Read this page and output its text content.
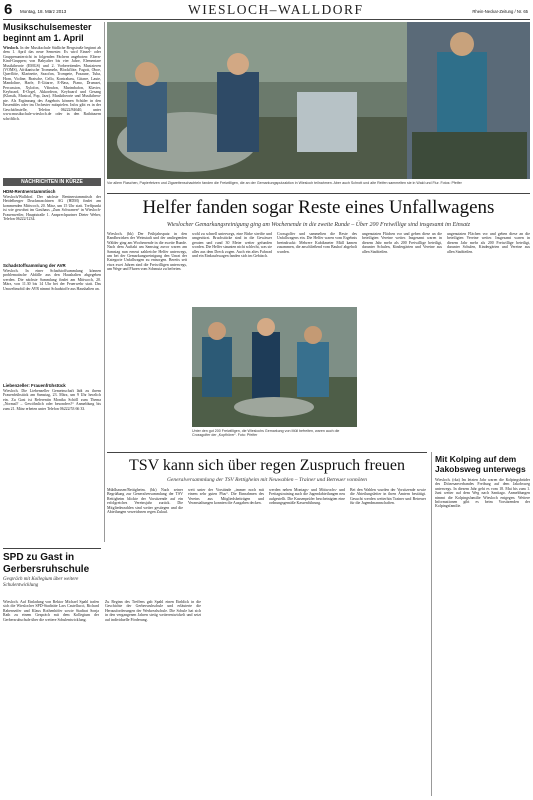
6 Montag, 18. März 2013	WIESLOCH–WALLDORF	Rhein-Neckar-Zeitung / Nr. 65
Musikschulsemester beginnt am 1. April
Wiesloch. In der Musikschule Südliche Bergstraße beginnt ab dem 1. April das neue Semester. Es wird Einzel- oder Gruppenunterricht in folgenden Fächern angeboten: Eltern-Kind-Gruppen; von Babyalter bis vier Jahre, Elementare Musiktheorie (EMGS) und 2. Vorbereitendes Musizieren (VOMS), Afrikanische Trommeln, Blockflöte, Fagott, Oboe, Querflöte, Klarinette, Saxofon, Trompete, Posaune, Tuba, Horn, Violine, Bratsche, Cello, Kontrabass, Gitarre, Laute, Mandoline, Harfe, E-Gitarre, E-Bass, Piano, Drumset, Percussion, Xylofon, Vibrafon, Marimbafon, Klavier, Keyboard, E-Orgel, Akkordeon, Keyboard und Gesang (Klassik, Musical, Pop, Jazz). Musiktheorie und Musiktherapie. Als Ergänzung des Angebots können Schüler in den Ensembles oder im Orchester mitspielen. Infos gibt es in der Geschäftsstelle, Telefon 06222/84640, unter www.musikschule-wiesloch.de oder in den Rathäusern schriftlich.
NACHRICHTEN IN KÜRZE
HDM-Rentnerstammtisch
Wiesloch/Walldorf. Der nächste Rentnerstammtisch der Heidelberger Druckmaschinen AG (HDM) findet am kommenden Mittwoch, 20. März, um 15 Uhr statt. Treffpunkt ist wie gewohnt im Gasthaus „Zum Schwanen“ in Wiesloch-Frauenweiler, Hauptstraße 1. Ansprechpartner Dieter Weber, Telefon 06222/1234.
Schadstoffsammlung der AVR
Wiesloch. In einer Schadstoffsammlung können problematische Abfälle aus den Haushalten abgegeben werden. Die nächste Sammlung findet am Mittwoch, 20. März, von 11.30 bis 14 Uhr bei der Feuerwehr statt. Das Umweltmobil der AVR nimmt Schadstoffe aus Haushalten an.
Liebenzeller: Frauenfrühstück
Wiesloch. Die Liebenzeller Gemeinschaft lädt zu ihrem Frauenfrühstück am Samstag, 23. März, um 9 Uhr herzlich ein. Zu Gast ist Referentin Monika Schöll zum Thema „Normal? – Gewöhnlich oder besonders?“ Anmeldung bis zum 21. März erbeten unter Telefon 06222/53 66 33.
SPD zu Gast in Gerbersruhschule
Gespräch mit Kollegium über weitere Schulentwicklung
Wiesloch. Auf Einladung von Rektor Michael Spahl trafen sich die Wieslocher SPD-Stadträte Lars Castellucci, Richard Rabenseifer und Klaus Rothenhöfer sowie Stadtrat Sonja Rath zu einem Gespräch mit dem Kollegium der Gerbersruhschule über die weitere Schulentwicklung.
Zu Beginn des Treffens gab Spahl einen Einblick in die Geschichte der Gerbersruhschule und erläuterte die Herausforderungen der Werkrealschule. Die Schule hat sich in den vergangenen Jahren stetig weiterentwickelt und setzt auf individuelle Förderung.
Vor allem Flaschen, Papierfetzen und Zigarettenschachteln fanden die Freiwilligen, die an der Gemarkungsputzaktion in Wiesloch teilnahmen. Aber auch Schrott und alte Reifen sammelten sie in Wald und Flur. Fotos: Pfeifer
Helfer fanden sogar Reste eines Unfallwagens
Wieslocher Gemarkungsreinigung ging am Wochenende in die zweite Runde – Über 200 Freiwillige sind insgesamt im Einsatz
Wiesloch. (bk) Der Frühjahrsputz in den Randbezirken der Weinstadt und der umliegenden Wälder ging am Wochenende in die zweite Runde. Nach dem Auftakt am Samstag zuvor waren am Samstag nun erneut zahlreiche Helfer unterwegs, um bei der Gemarkungsreinigung den Unrat der Kategorie Unfallwagen zu entsorgen. Bereits seit etwa zwei Jahren sind die Freiwilligen unterwegs, um Wege und Fluren vom Schmutz zu befreien.
wohl zu schnell unterwegs, eine Birke streifte und umgestürzt. Bruchstücke sind in die Gewässer geraten und rund 30 Meter weiter gefunden worden. Die Helfer staunten nicht schlecht, was sie alles aus dem Dreck zogen. Auch ein altes Fahrrad und ein Einkaufswagen fanden sich im Gebüsch.
Crossgolfer und sammelten die Reste des Unfallwagens ein. Die Helfer waren vom Ergebnis beeindruckt: Mehrere Kubikmeter Müll kamen zusammen, die anschließend vom Bauhof abgeholt wurden.
ungenutzten Flächen vor und geben diese an die beteiligten Vereine weiter. Insgesamt waren in diesem Jahr mehr als 200 Freiwillige beteiligt, darunter Schulen, Kindergärten und Vereine aus allen Stadtteilen.
ungenutzten Flächen vor und geben diese an die beteiligten Vereine weiter. Insgesamt waren in diesem Jahr mehr als 200 Freiwillige beteiligt, darunter Schulen, Kindergärten und Vereine aus allen Stadtteilen.
Unter den gut 200 Freiwilligen, die Wieslochs Gemarkung von Müll befreiten, waren auch die Crossgolfer der „Kopfhörer“. Foto: Pfeifer
TSV kann sich über regen Zuspruch freuen
Generalversammlung der TSV Rettigheim mit Neuwahlen – Trainer und Betreuer vonnöten
Mühlhausen/Rettigheim. (bk) Nach seiner Begrüßung zur Generalversammlung der TSV Rettigheim blickte der Vorsitzende auf ein erfolgreiches Vereinsjahr zurück. Die Mitgliederzahlen sind weiter gestiegen und die Abteilungen verzeichnen regen Zulauf.
weit unter der Vorstände „immer noch mit einem sehr guten Plus“. Die Einnahmen des Vereins aus Mitgliedsbeiträgen und Veranstaltungen konnten die Ausgaben decken.
werden neben Montags- und Mittwochs- und Freitagstraining auch die Jugendabteilungen neu aufgestellt. Die Kassenprüfer bescheinigten eine ordnungsgemäße Kassenführung.
Bei den Wahlen wurden der Vorsitzende sowie die Abteilungsleiter in ihren Ämtern bestätigt. Gesucht werden weiterhin Trainer und Betreuer für die Jugendmannschaften.
Mit Kolping auf dem Jakobsweg unterwegs
Wiesloch. (rka) Im letzten Jahr waren die Kolpingsbrüder des Diözesanverbandes Freiburg auf dem Jakobsweg unterwegs. In diesem Jahr geht es vom 18. Mai bis zum 1. Juni weiter auf dem Weg nach Santiago. Anmeldungen nimmt die Kolpingsfamilie Wiesloch entgegen. Weitere Informationen gibt es beim Vorsitzenden der Kolpingsfamilie.
